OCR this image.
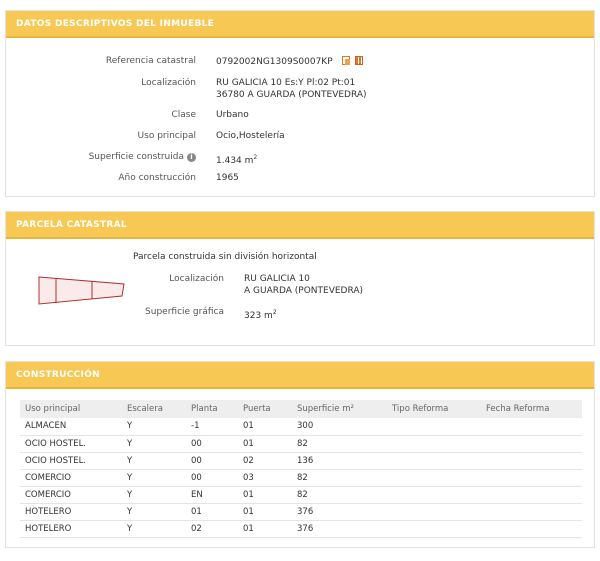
DATOS DESCRIPTIVOS DEL INMUEBLE
Referencia catastral 0792002NG1309S0007KP
Localización RU GALICIA 10 Es:Y Pl:02 Pt:01
36780 A GUARDA (PONTEVEDRA)
Clase Urbano
Uso principal Ocio,Hostelería
Superficie construida i	1.434 $m^2$
Año construcción 1965
PARCELA CATASTRAL
Parcela construida sin división horizontal
Localización RU GALICIA 10
A GUARDA (PONTEVEDRA)
Superficie gráfica 323 $m^2$
CONSTRUCCIÓN
Uso principal	Escalera	Planta	Puerta	Superficie m²	Tipo Reforma	Fecha Reforma
ALMACEN	Y	-1	01	300		
OCIO HOSTEL.	Y	00	01	82		
OCIO HOSTEL.	Y	00	02	136		
COMERCIO	Y	00	03	82		
COMERCIO	Y	EN	01	82		
HOTELERO	Y	01	01	376		
HOTELERO	Y	02	01	376		
